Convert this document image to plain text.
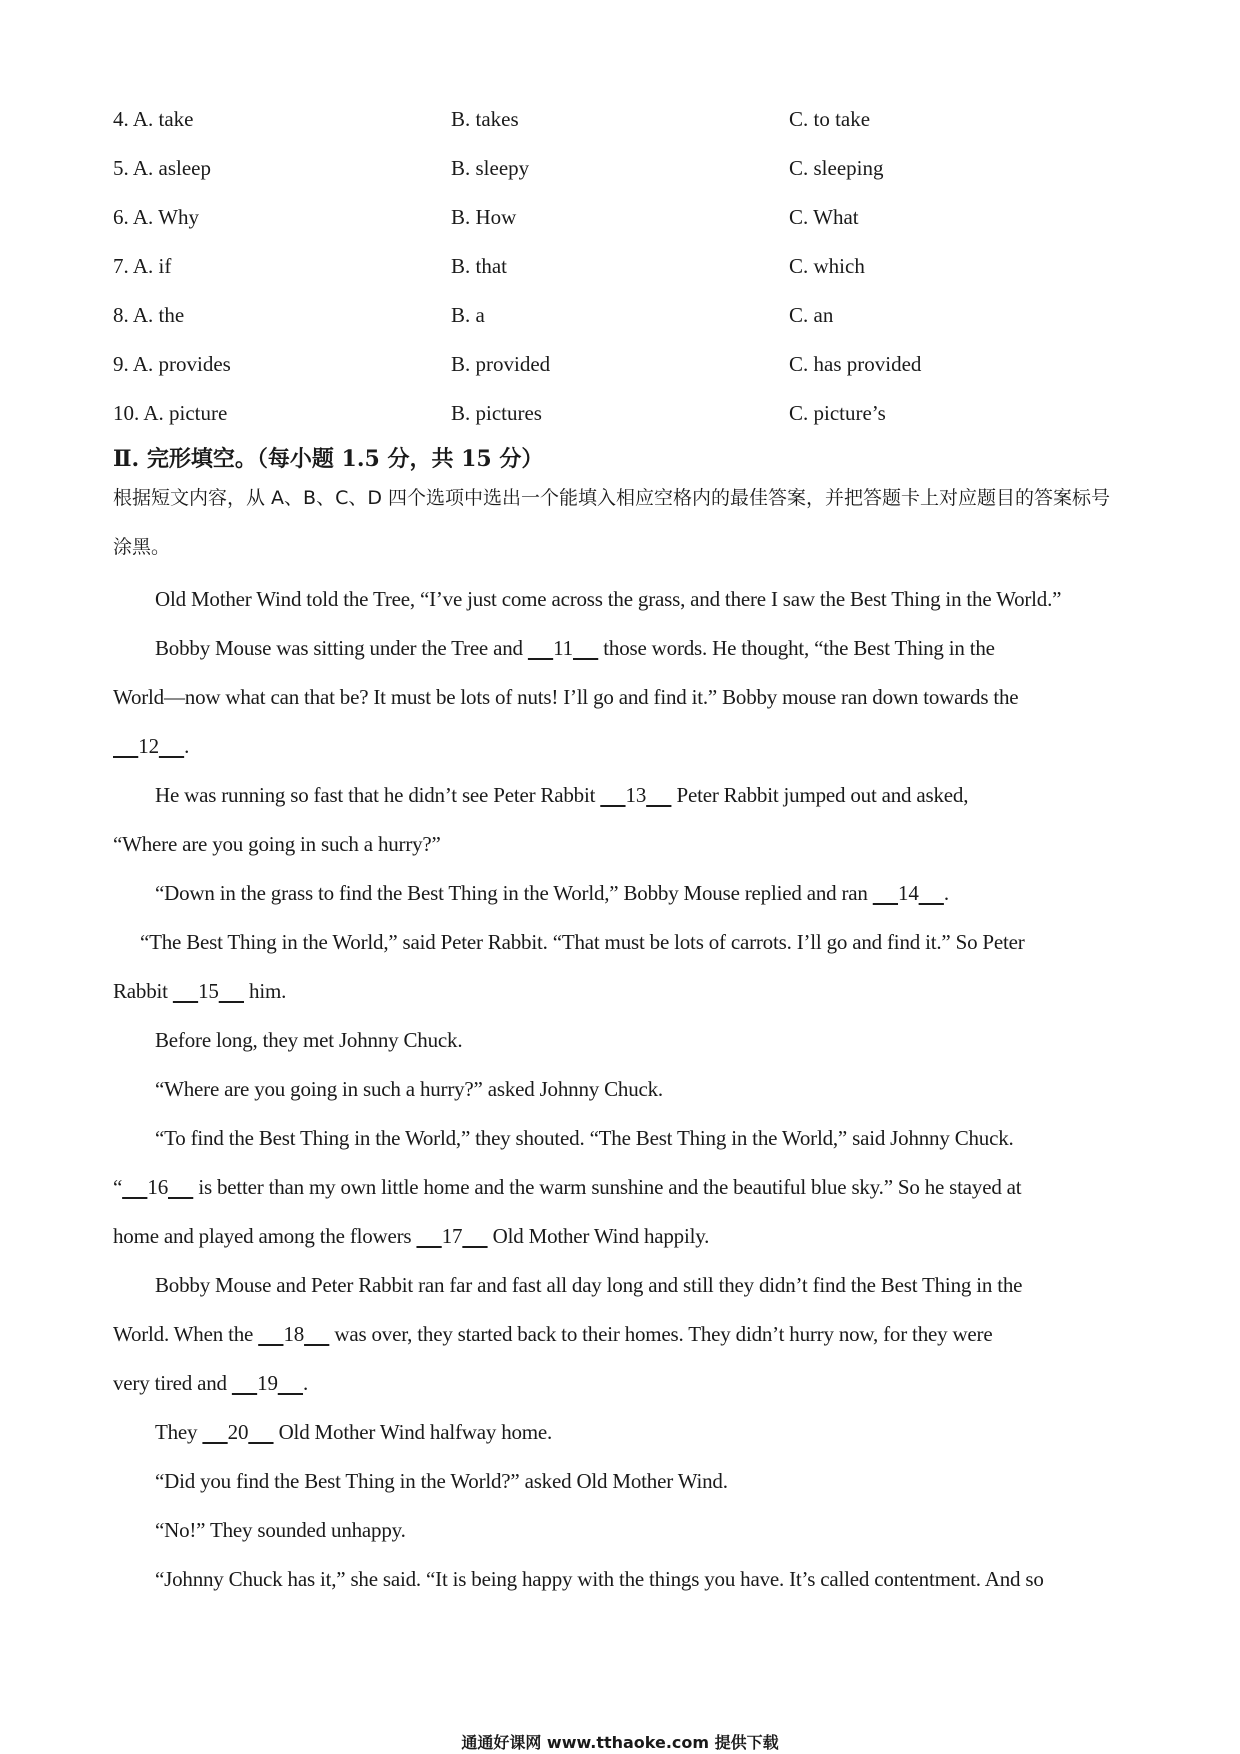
4. A. take	B. takes	C. to take
5. A. asleep	B. sleepy	C. sleeping
6. A. Why	B. How	C. What
7. A. if	B. that	C. which
8. A. the	B. a	C. an
9. A. provides	B. provided	C. has provided
10. A. picture	B. pictures	C. picture’s
Ⅱ. 完形填空。（每小题 1.5 分，共 15 分）
根据短文内容，从 A、B、C、D 四个选项中选出一个能填入相应空格内的最佳答案，并把答题卡上对应题目的答案标号涂黑。
Old Mother Wind told the Tree, “I’ve just come across the grass, and there I saw the Best Thing in the World.”
Bobby Mouse was sitting under the Tree and      11      those words. He thought, “the Best Thing in the
World—now what can that be? It must be lots of nuts! I’ll go and find it.” Bobby mouse ran down towards the
12 .
He was running so fast that he didn’t see Peter Rabbit      13      Peter Rabbit jumped out and asked,
“Where are you going in such a hurry?”
“Down in the grass to find the Best Thing in the World,” Bobby Mouse replied and ran      14 .
“The Best Thing in the World,” said Peter Rabbit. “That must be lots of carrots. I’ll go and find it.” So Peter
Rabbit      15      him.
Before long, they met Johnny Chuck.
“Where are you going in such a hurry?” asked Johnny Chuck.
“To find the Best Thing in the World,” they shouted. “The Best Thing in the World,” said Johnny Chuck.
“ 16      is better than my own little home and the warm sunshine and the beautiful blue sky.” So he stayed at
home and played among the flowers      17      Old Mother Wind happily.
Bobby Mouse and Peter Rabbit ran far and fast all day long and still they didn’t find the Best Thing in the
World. When the      18      was over, they started back to their homes. They didn’t hurry now, for they were
very tired and      19 .
They      20      Old Mother Wind halfway home.
“Did you find the Best Thing in the World?” asked Old Mother Wind.
“No!” They sounded unhappy.
“Johnny Chuck has it,” she said. “It is being happy with the things you have. It’s called contentment. And so
通通好课网 www.tthaoke.com 提供下载
